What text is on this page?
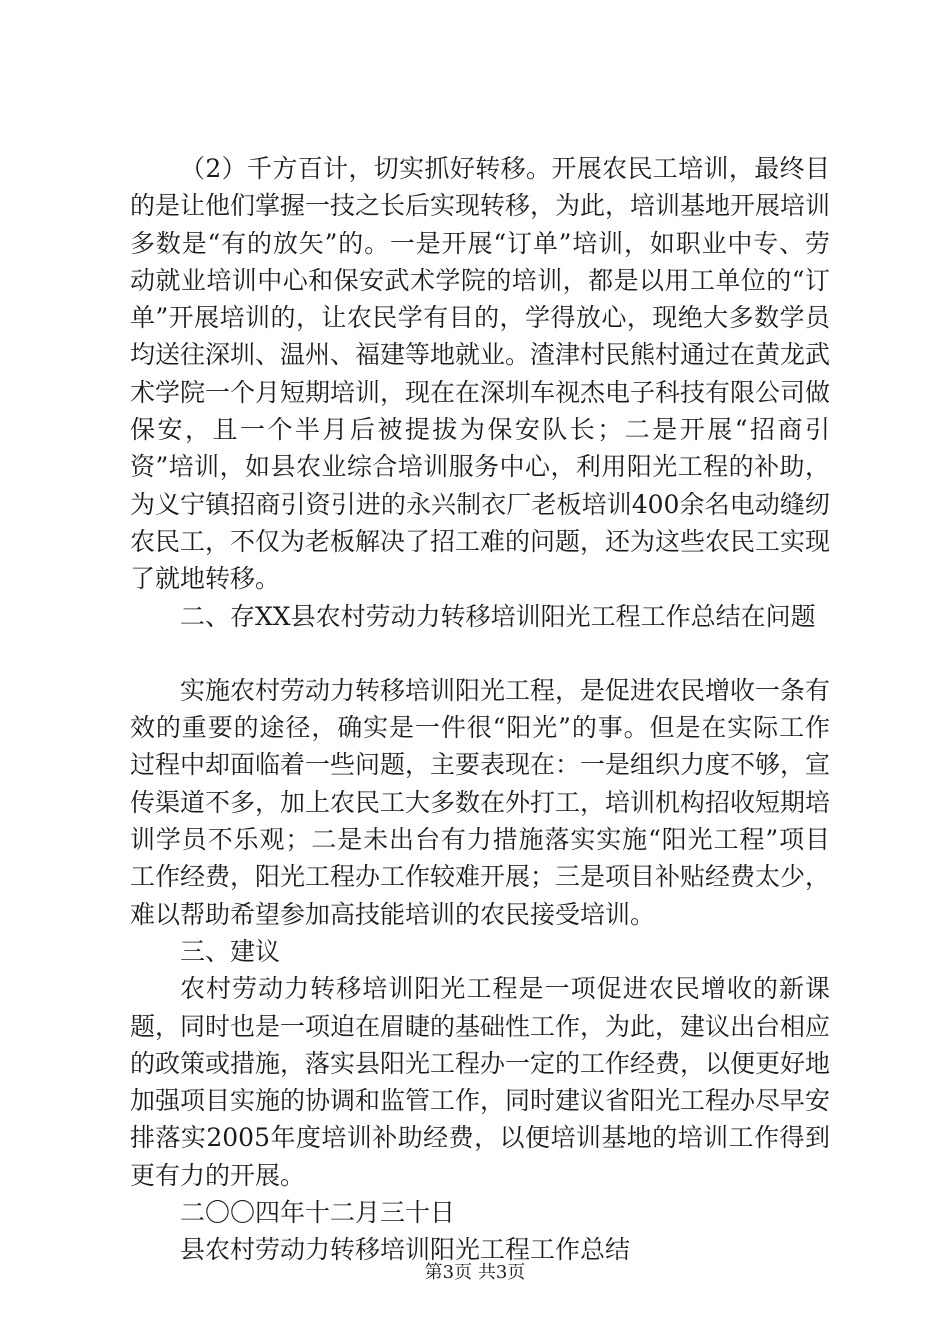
（2）千方百计，切实抓好转移。开展农民工培训，最终目的是让他们掌握一技之长后实现转移，为此，培训基地开展培训多数是“有的放矢”的。一是开展“订单”培训，如职业中专、劳动就业培训中心和保安武术学院的培训，都是以用工单位的“订单”开展培训的，让农民学有目的，学得放心，现绝大多数学员均送往深圳、温州、福建等地就业。渣津村民熊村通过在黄龙武术学院一个月短期培训，现在在深圳车视杰电子科技有限公司做保安，且一个半月后被提拔为保安队长；二是开展“招商引资”培训，如县农业综合培训服务中心，利用阳光工程的补助，为义宁镇招商引资引进的永兴制衣厂老板培训400余名电动缝纫农民工，不仅为老板解决了招工难的问题，还为这些农民工实现了就地转移。

二、存XX县农村劳动力转移培训阳光工程工作总结在问题

实施农村劳动力转移培训阳光工程，是促进农民增收一条有效的重要的途径，确实是一件很“阳光”的事。但是在实际工作过程中却面临着一些问题，主要表现在：一是组织力度不够，宣传渠道不多，加上农民工大多数在外打工，培训机构招收短期培训学员不乐观；二是未出台有力措施落实实施“阳光工程”项目工作经费，阳光工程办工作较难开展；三是项目补贴经费太少，难以帮助希望参加高技能培训的农民接受培训。

三、建议

农村劳动力转移培训阳光工程是一项促进农民增收的新课题，同时也是一项迫在眉睫的基础性工作，为此，建议出台相应的政策或措施，落实县阳光工程办一定的工作经费，以便更好地加强项目实施的协调和监管工作，同时建议省阳光工程办尽早安排落实2005年度培训补助经费，以便培训基地的培训工作得到更有力的开展。

二〇〇四年十二月三十日

县农村劳动力转移培训阳光工程工作总结

第3页 共3页
